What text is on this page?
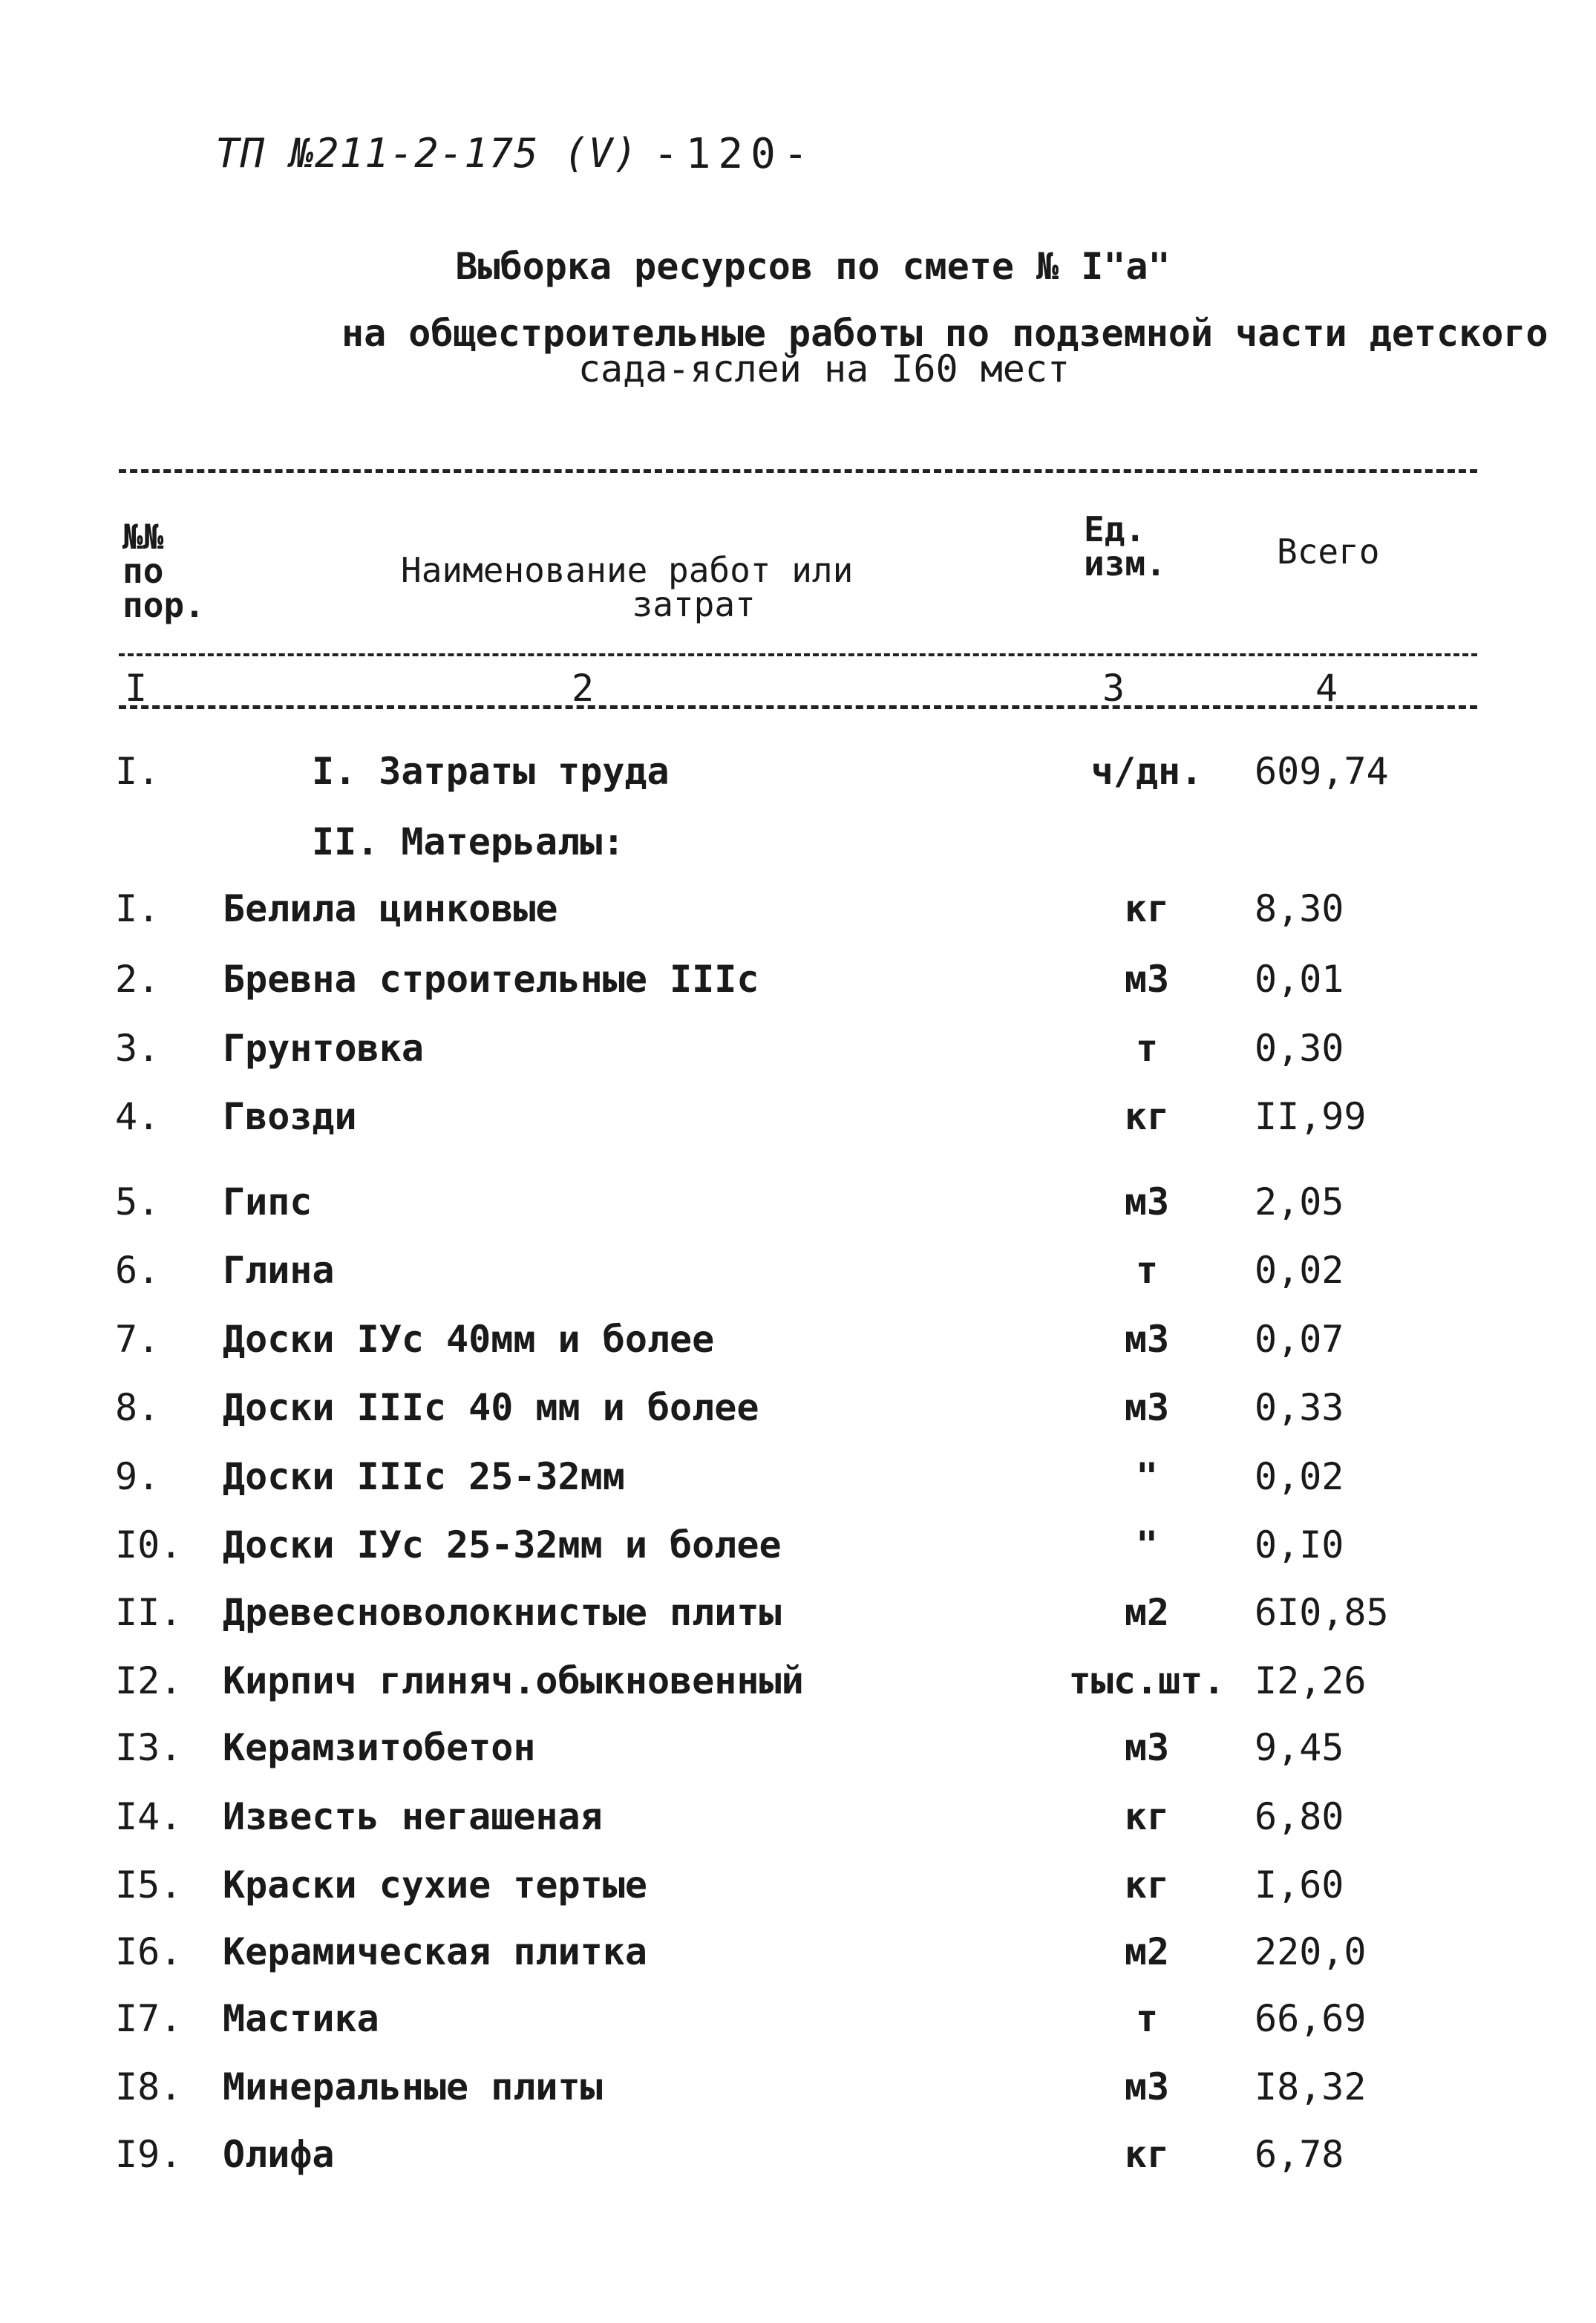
ТП №211-2-175 (V) -120-
Выборка ресурсов по смете № I"а"
на общестроительные работы по подземной части детского
сада-яслей на I60 мест
№№
по
пор.
Наименование работ или
затрат
Ед.
изм.	Всего
I	2	3	4
I.	I. Затраты труда	ч/дн.	609,74
II. Матерьалы:
I. Белила цинковые	кг	8,30
2. Бревна строительные IIIс	м3	0,01
3. Грунтовка	т	0,30
4. Гвозди	кг	II,99
5. Гипс	м3	2,05
6. Глина	т	0,02
7. Доски IУс 40мм и более	м3	0,07
8. Доски IIIс 40 мм и более	м3	0,33
9. Доски IIIс 25-32мм	"	0,02
I0. Доски IУс 25-32мм и более	"	0,I0
II. Древесноволокнистые плиты	м2	6I0,85
I2. Кирпич глиняч.обыкновенный	тыс.шт. I2,26
I3. Керамзитобетон	м3	9,45
I4. Известь негашеная	кг	6,80
I5. Краски сухие тертые	кг	I,60
I6. Керамическая плитка	м2	220,0
I7. Мастика	т	66,69
I8. Минеральные плиты	м3	I8,32
I9. Олифа	кг	6,78
